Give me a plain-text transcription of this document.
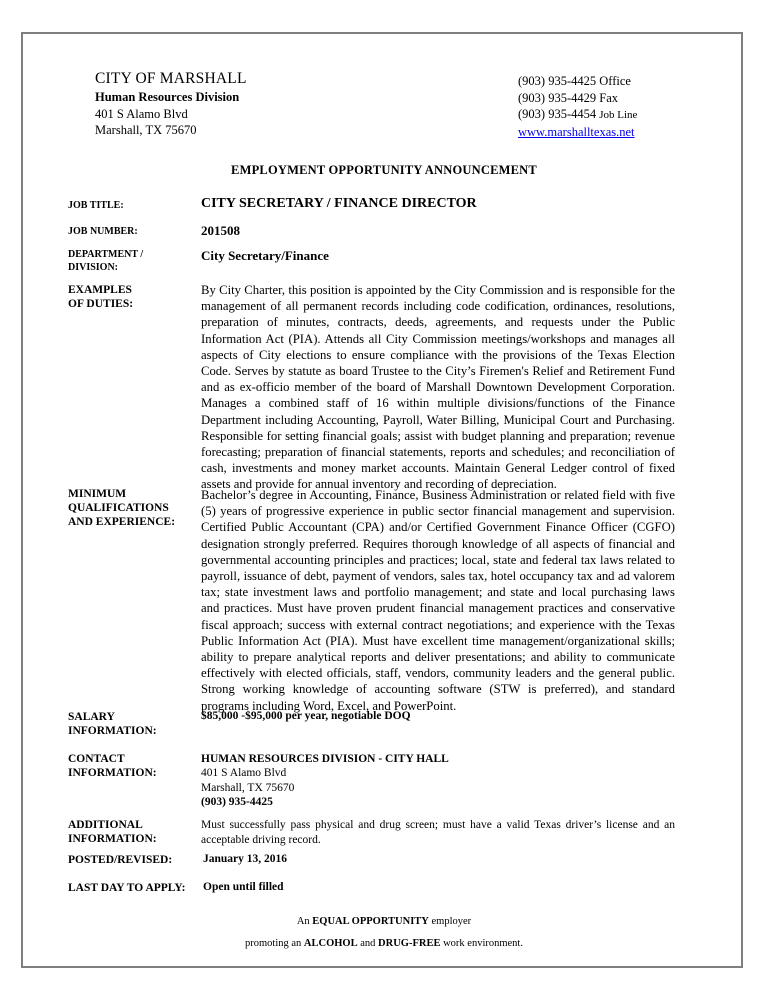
CITY OF MARSHALL
Human Resources Division
401 S Alamo Blvd
Marshall, TX 75670
(903) 935-4425 Office
(903) 935-4429 Fax
(903) 935-4454 Job Line
www.marshalltexas.net
EMPLOYMENT OPPORTUNITY ANNOUNCEMENT
JOB TITLE:	CITY SECRETARY / FINANCE DIRECTOR
JOB NUMBER:	201508
DEPARTMENT /
DIVISION:
City Secretary/Finance
EXAMPLES
OF DUTIES:
By City Charter, this position is appointed by the City Commission and is responsible for the management of all permanent records including code codification, ordinances, resolutions, preparation of minutes, contracts, deeds, agreements, and requests under the Public Information Act (PIA). Attends all City Commission meetings/workshops and manages all aspects of City elections to ensure compliance with the provisions of the Texas Election Code. Serves by statute as board Trustee to the City’s Firemen's Relief and Retirement Fund and as ex-officio member of the board of Marshall Downtown Development Corporation. Manages a combined staff of 16 within multiple divisions/functions of the Finance Department including Accounting, Payroll, Water Billing, Municipal Court and Purchasing. Responsible for setting financial goals; assist with budget planning and preparation; revenue forecasting; preparation of financial statements, reports and schedules; and reconciliation of cash, investments and money market accounts. Maintain General Ledger control of fixed assets and provide for annual inventory and recording of depreciation.
MINIMUM
QUALIFICATIONS
AND EXPERIENCE:
Bachelor’s degree in Accounting, Finance, Business Administration or related field with five (5) years of progressive experience in public sector financial management and supervision. Certified Public Accountant (CPA) and/or Certified Government Finance Officer (CGFO) designation strongly preferred. Requires thorough knowledge of all aspects of financial and governmental accounting principles and practices; local, state and federal tax laws related to payroll, issuance of debt, payment of vendors, sales tax, hotel occupancy tax and ad valorem tax; state investment laws and portfolio management; and state and local purchasing laws and practices. Must have proven prudent financial management practices and conservative fiscal approach; success with external contract negotiations; and experience with the Texas Public Information Act (PIA). Must have excellent time management/organizational skills; ability to prepare analytical reports and deliver presentations; and ability to communicate effectively with elected officials, staff, vendors, community leaders and the general public. Strong working knowledge of accounting software (STW is preferred), and standard programs including Word, Excel, and PowerPoint.
SALARY
INFORMATION:
$85,000 -$95,000 per year, negotiable DOQ
CONTACT
INFORMATION:
HUMAN RESOURCES DIVISION - CITY HALL
401 S Alamo Blvd
Marshall, TX 75670
(903) 935-4425
ADDITIONAL
INFORMATION:
Must successfully pass physical and drug screen; must have a valid Texas driver’s license and an acceptable driving record.
POSTED/REVISED:	January 13, 2016
LAST DAY TO APPLY: Open until filled
An EQUAL OPPORTUNITY employer
promoting an ALCOHOL and DRUG-FREE work environment.
